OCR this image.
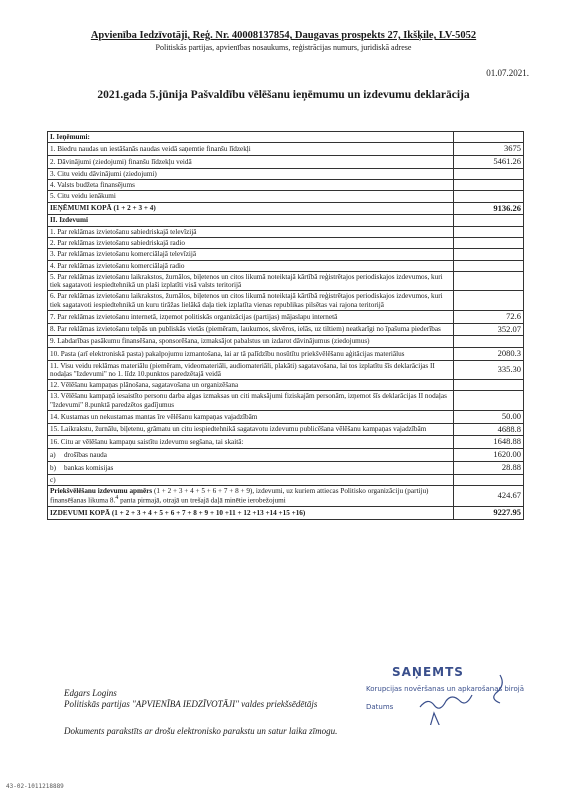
Apvienība Iedzīvotāji, Reģ. Nr. 40008137854, Daugavas prospekts 27, Ikšķile, LV-5052
Politiskās partijas, apvienības nosaukums, reģistrācijas numurs, juridiskā adrese
01.07.2021.
2021.gada 5.jūnija Pašvaldību vēlēšanu ieņēmumu un izdevumu deklarācija
I. Ieņēmumi:	
1. Biedru naudas un iestāšanās naudas veidā saņemtie finanšu līdzekļi	3675
2. Dāvinājumi (ziedojumi) finanšu līdzekļu veidā	5461.26
3. Citu veidu dāvinājumi (ziedojumi)	
4. Valsts budžeta finansējums	
5. Citu veidu ienākumi	
IEŅĒMUMI KOPĀ (1 + 2 + 3 + 4)	9136.26
II. Izdevumi	
1. Par reklāmas izvietošanu sabiedriskajā televīzijā	
2. Par reklāmas izvietošanu sabiedriskajā radio	
3. Par reklāmas izvietošanu komerciālajā televīzijā	
4. Par reklāmas izvietošanu komerciālajā radio	
5. Par reklāmas izvietošanu laikrakstos, žurnālos, biļetenos un citos likumā noteiktajā kārtībā reģistrētajos periodiskajos izdevumos, kuri tiek sagatavoti iespiedtehnikā un plaši izplatīti visā valsts teritorijā	
6. Par reklāmas izvietošanu laikrakstos, žurnālos, biļetenos un citos likumā noteiktajā kārtībā reģistrētajos periodiskajos izdevumos, kuri tiek sagatavoti iespiedtehnikā un kuru tirāžas lielākā daļa tiek izplatīta vienas republikas pilsētas vai rajona teritorijā	
7. Par reklāmas izvietošanu internetā, izņemot politiskās organizācijas (partijas) mājaslapu internetā	72.6
8. Par reklāmas izvietošanu telpās un publiskās vietās (piemēram, laukumos, skvēros, ielās, uz tiltiem) neatkarīgi no īpašuma piederības	352.07
9. Labdarības pasākumu finansēšana, sponsorēšana, izmaksājot pabalstus un izdarot dāvinājumus (ziedojumus)	
10. Pasta (arī elektroniskā pasta) pakalpojumu izmantošana, lai ar tā palīdzību nosūtītu priekšvēlēšanu aģitācijas materiālus	2080.3
11. Visu veidu reklāmas materiālu (piemēram, videomateriāli, audiomateriāli, plakāti) sagatavošana, lai tos izplatītu šīs deklarācijas II nodaļas "Izdevumi" no 1. līdz 10.punktos paredzētajā veidā	335.30
12. Vēlēšanu kampaņas plānošana, sagatavošana un organizēšana	
13. Vēlēšanu kampaņā iesaistīto personu darba algas izmaksas un citi maksājumi fiziskajām personām, izņemot šīs deklarācijas II nodaļas "Izdevumi" 8.punktā paredzētos gadījumus	
14. Kustamas un nekustamas mantas īre vēlēšanu kampaņas vajadzībām	50.00
15. Laikrakstu, žurnālu, biļetenu, grāmatu un citu iespiedtehnikā sagatavotu izdevumu publicēšana vēlēšanu kampaņas vajadzībām	4688.8
16. Citu ar vēlēšanu kampaņu saistītu izdevumu segšana, tai skaitā:	1648.88
a) drošības nauda	1620.00
b) bankas komisijas	28.88
c)	
Priekšvēlēšanu izdevumu apmērs (1 + 2 + 3 + 4 + 5 + 6 + 7 + 8 + 9), izdevumi, uz kuriem attiecas Politisko organizāciju (partiju) finansēšanas likuma 8.$^4$ panta pirmajā, otrajā un trešajā daļā minētie ierobežojumi	424.67
IZDEVUMI KOPĀ (1 + 2 + 3 + 4 + 5 + 6 + 7 + 8 + 9 + 10 +11 + 12 +13 +14 +15 +16)	9227.95
Edgars Logins
Politiskās partijas "APVIENĪBA IEDZĪVOTĀJI" valdes priekšsēdētājs
Dokuments parakstīts ar drošu elektronisko parakstu un satur laika zīmogu.
SAŅEMTS
Korupcijas novēršanas un apkarošanas birojā
Datums
43-02-1011218889
